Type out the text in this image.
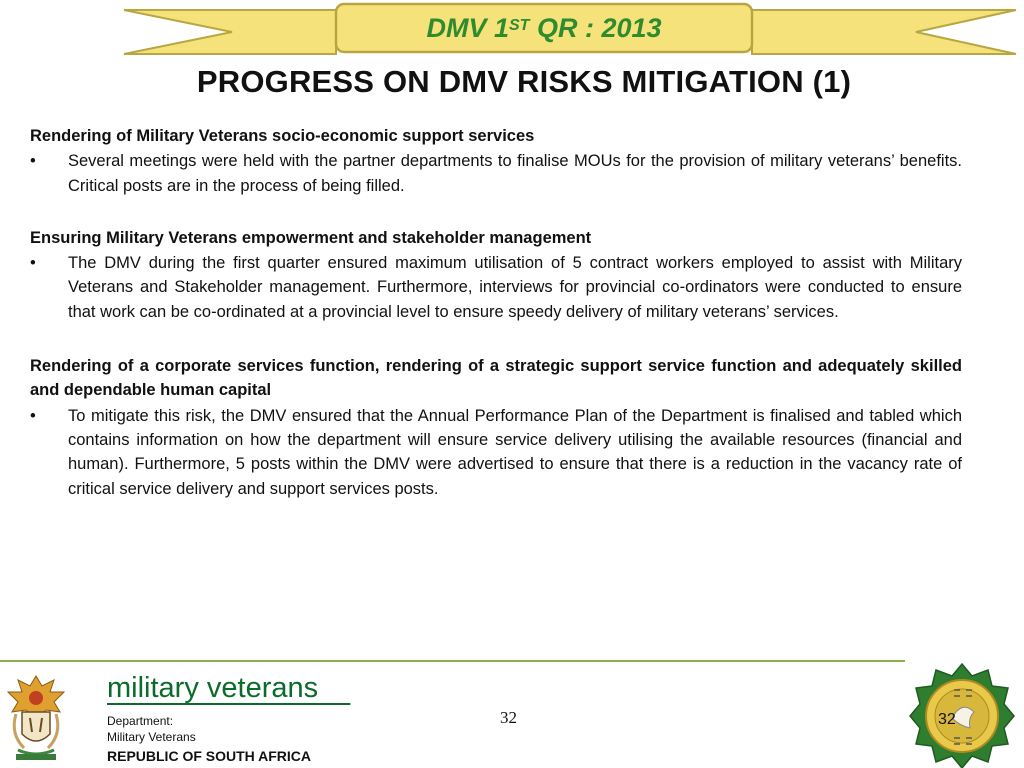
DMV 1ST QR : 2013
PROGRESS ON DMV RISKS MITIGATION (1)

Rendering of Military Veterans socio-economic support services

• Several meetings were held with the partner departments to finalise MOUs for the provision of military veterans’ benefits. Critical posts are in the process of being filled.

Ensuring Military Veterans empowerment and stakeholder management

• The DMV during the first quarter ensured maximum utilisation of 5 contract workers employed to assist with Military Veterans and Stakeholder management. Furthermore, interviews for provincial co-ordinators were conducted to ensure that work can be co-ordinated at a provincial level to ensure speedy delivery of military veterans’ services.

Rendering of a corporate services function, rendering of a strategic support service function and adequately skilled and dependable human capital

• To mitigate this risk, the DMV ensured that the Annual Performance Plan of the Department is finalised and tabled which contains information on how the department will ensure service delivery utilising the available resources (financial and human). Furthermore, 5 posts within the DMV were advertised to ensure that there is a reduction in the vacancy rate of critical service delivery and support services posts.

military veterans
Department:
Military Veterans
REPUBLIC OF SOUTH AFRICA
32	32
